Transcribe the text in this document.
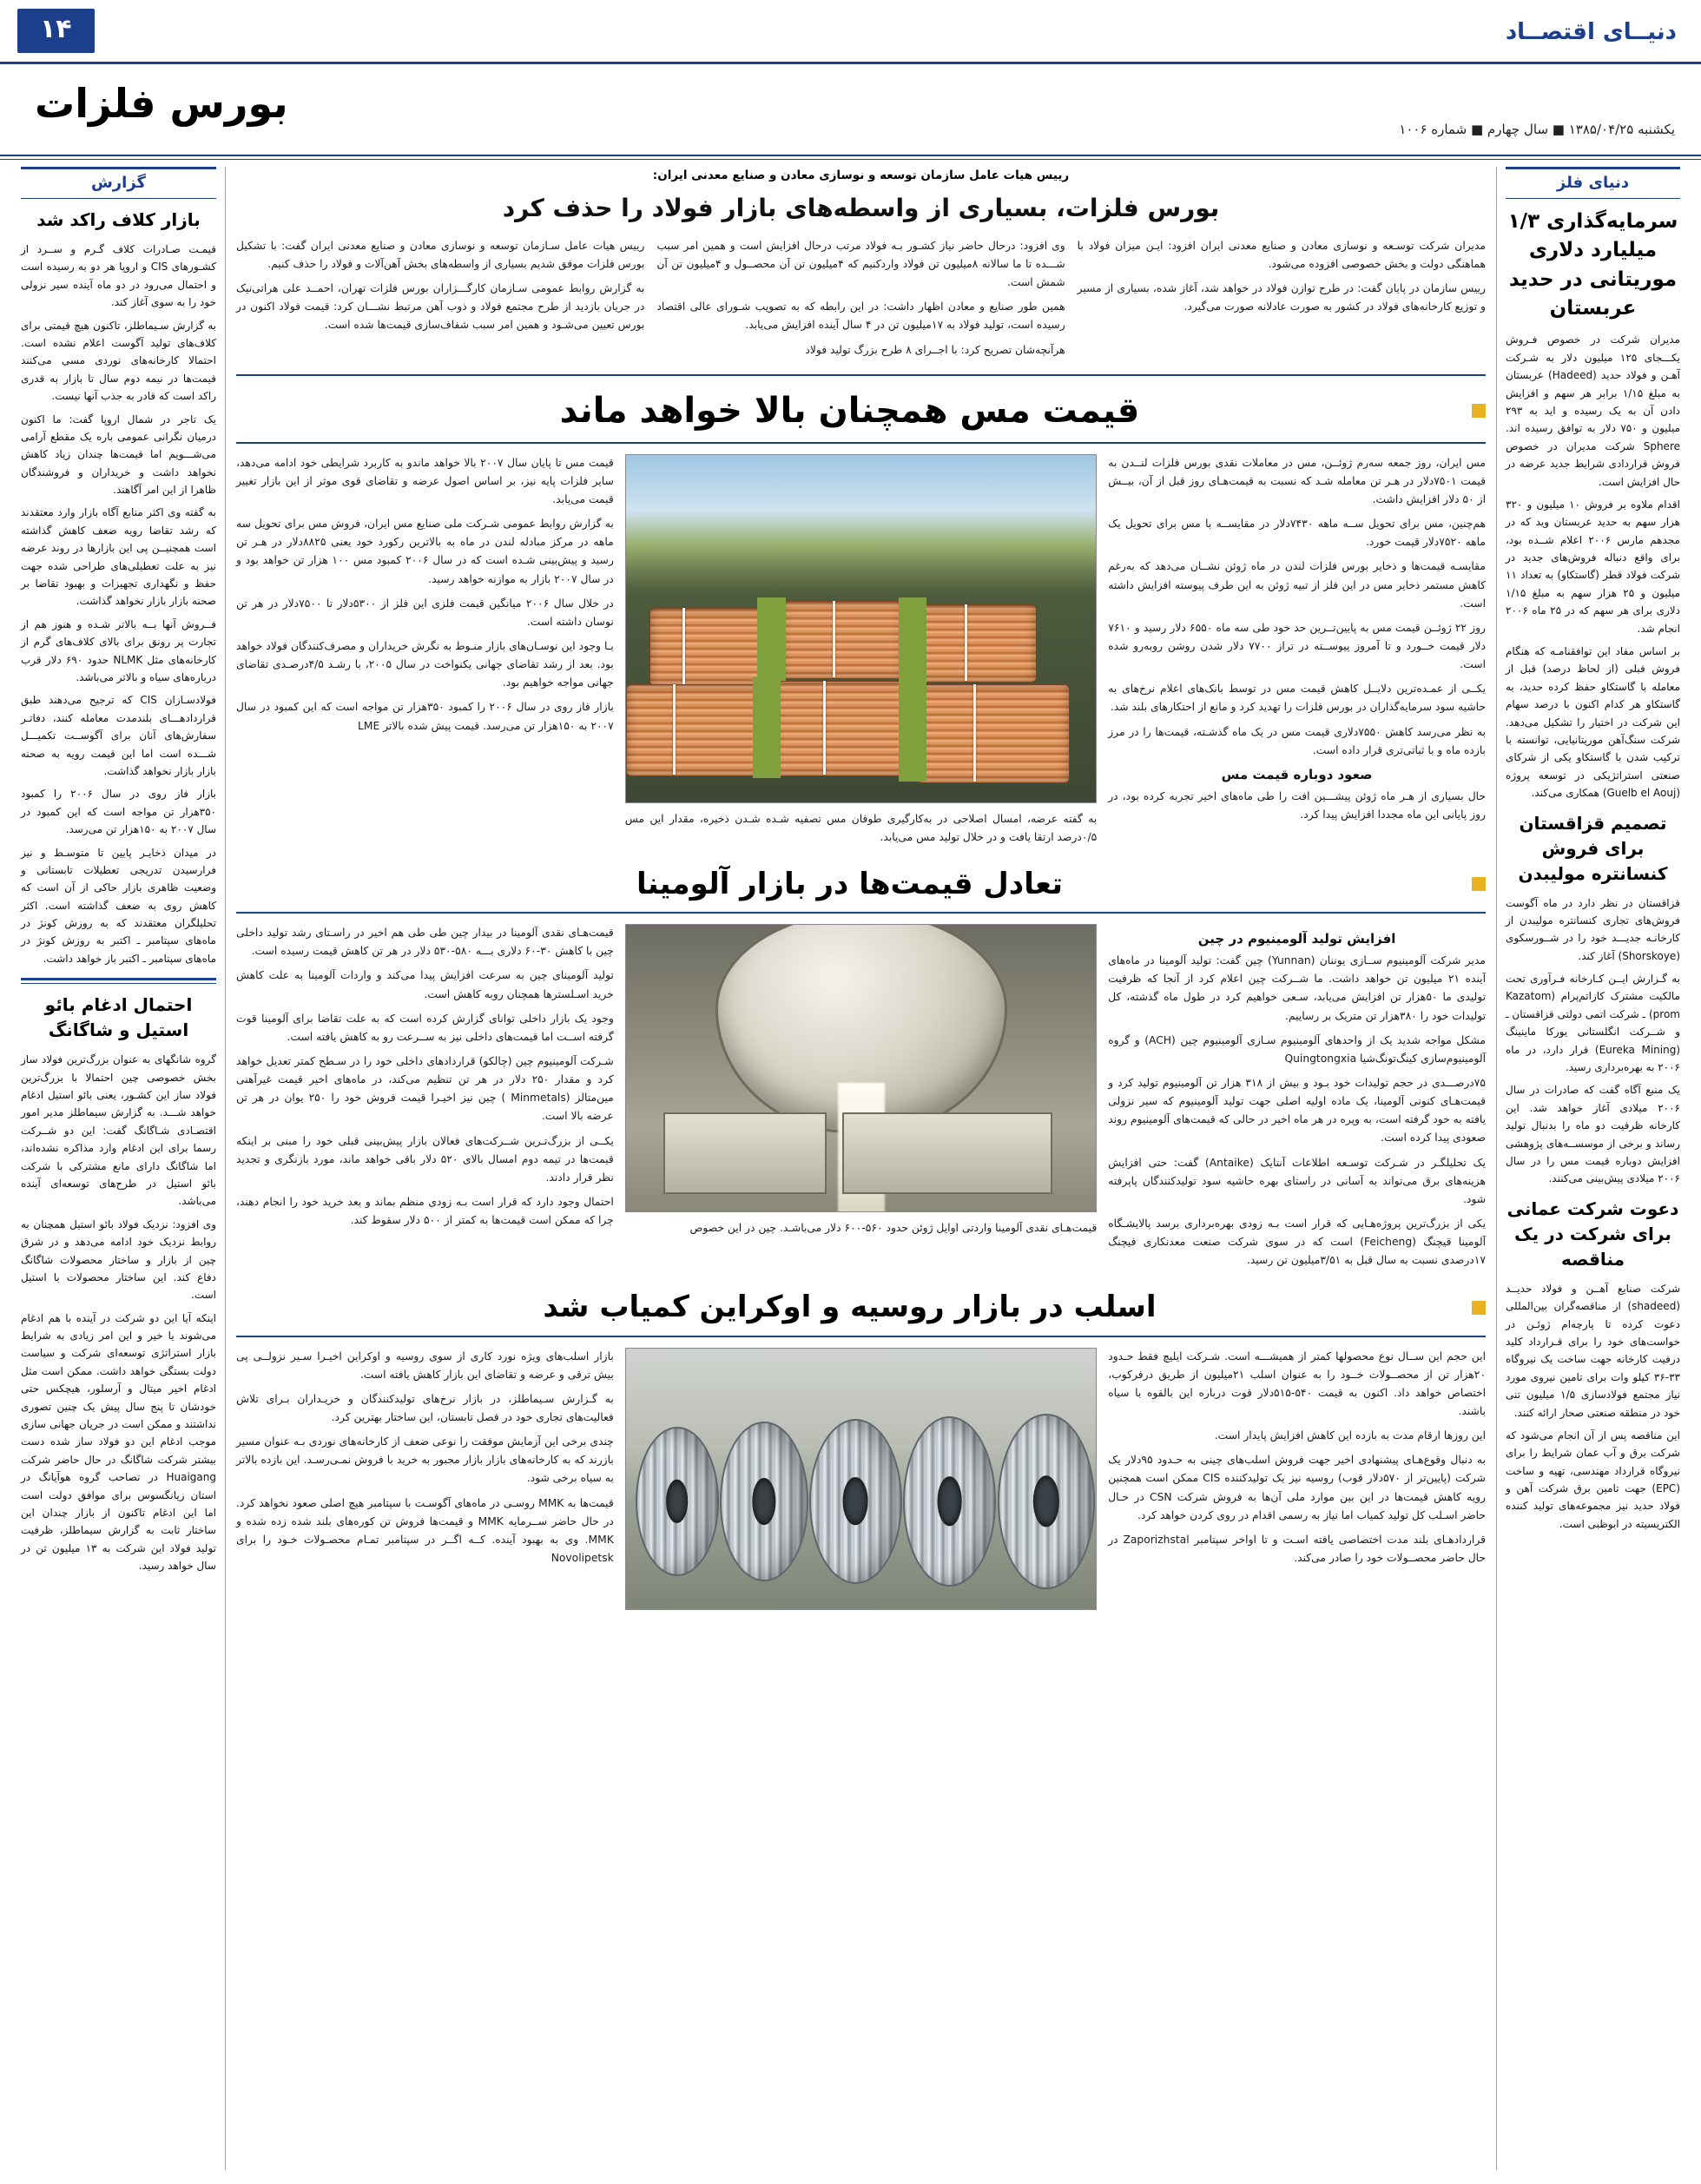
دنیــای اقتصــاد
۱۴
بورس فلزات
یکشنبه ۱۳۸۵/۰۴/۲۵ ■ سال چهارم ■ شماره ۱۰۰۶
دنیای فلز
سرمایه‌گذاری ۱/۳ میلیارد دلاری موریتانی در حدید عربستان

مدیران شرکت در خصوص فـروش یکـــجای ۱۲۵ میلیون دلار به شـرکت آهـن و فولاد حدید (Hadeed) عربستان به مبلغ ۱/۱۵ برابر هر سهم و افزایش دادن آن به یک رسیده و اید به ۲۹۳ میلیون و ۷۵۰ دلار به توافق رسیده اند. Sphere شرکت مدیران در خصوص فروش قراردادی شرایط جدید عرضه در حال افزایش است.

اقدام ملاوه بر فروش ۱۰ میلیون و ۳۲۰ هزار سهم به حدید عربستان وید که در مجدهم مارس ۲۰۰۶ اعلام شــده بود، برای واقع دنباله فروش‌های جدید در شرکت فولاد قطر (گاستکاو) به تعداد ۱۱ میلیون و ۲۵ هزار سهم به مبلغ ۱/۱۵ دلاری برای هر سهم که در ۲۵ ماه ۲۰۰۶ انجام شد.

بر اساس مفاد این توافقنامـه که هنگام فروش قبلی (از لحاظ درصد) قبل از معامله با گاستکاو حفظ کرده حدید، به گاستکاو هر کدام اکنون با درصد سهام این شرکت در اختیار را تشکیل می‌دهد. شرکت سنگ‌آهن موریتانیایی، توانسته با ترکیب شدن با گاستکاو یکی از شرکای صنعتی استراتژیکی در توسعه پروژه (Guelb el Aouj) همکاری می‌کند.

تصمیم قزاقستان برای فروش کنسانتره مولیبدن

قزاقستان در نظر دارد در ماه آگوست فروش‌های تجاری کنسانتره مولیبدن از کارخانـه جدیـــد خود را در شــورسکوی (Shorskoye) آغاز کند.

به گـزارش ایــن کـارخانه فـرآوری تحت مالکیت مشترک کازاتم‌پرام (Kazatom prom) ـ شرکت اتمی دولتی قزاقستان ـ و شــرکت انگلستانی یورکا ماینینگ (Eureka Mining) قرار دارد، در ماه ۲۰۰۶ به بهره‌برداری رسید.

یک منبع آگاه گفت که صادرات در سال ۲۰۰۶ میلادی آغاز خواهد شد. این کارخانه ظرفیت دو ماه را بدنبال تولید رساند و برخی از موسســه‌های پژوهشی افزایش دوباره قیمت مس را در سال ۲۰۰۶ میلادی پیش‌بینی می‌کنند.

دعوت شرکت عمانی برای شرکت در یک مناقصه

شرکت صنایع آهــن و فولاد حدیــد (shadeed) از مناقصه‌گران بین‌المللی دعوت کرده تا پارچه‌ام ژوئـن در خواست‌های خود را برای قـرارداد کلید درفیت کارخانه جهت ساخت یک نیروگاه ۳۳-۳۶ کیلو وات برای تامین نیروی مورد نیاز مجتمع فولادسازی ۱/۵ میلیون تنی خود در منطقه صنعتی صحار ارائه کنند.

این مناقصه پس از آن انجام می‌شود که شرکت برق و آب عمان شرایط را برای نیروگاه قرارداد مهندسی، تهیه و ساخت (EPC) جهت تامین برق شرکت آهن و فولاد حدید نیز مجموعه‌های تولید کننده الکتریسیته در ابوظبی است.

رییس هیات عامل سازمان توسعه و نوسازی معادن و صنایع معدنی ایران:
بورس فلزات، بسیاری از واسطه‌های بازار فولاد را حذف کرد

مدیران شرکت توسـعه و نوسازی معادن و صنایع معدنی ایران افزود: ایـن میزان فولاد با هماهنگی دولت و بخش خصوصی افزوده می‌شود.

رییس سازمان در پایان گفت: در طرح توازن فولاد در خواهد شد، آغاز شده، بسیاری از مسیر و توزیع کارخانه‌های فولاد در کشور به صورت عادلانه صورت می‌گیرد.

وی افزود: درحال حاضر نیاز کشـور بـه فولاد مرتب درحال افزایش است و همین امر سبب شـــده تا ما سالانه ۸میلیون تن فولاد واردکنیم که ۴میلیون تن آن محصــول و ۴میلیون تن آن شمش است.

همین طور صنایع و معادن اظهار داشت: در این رابطه که به تصویب شـورای عالی اقتصاد رسیده است، تولید فولاد به ۱۷میلیون تن در ۴ سال آینده افزایش می‌یابد.

هرآنچه‌شان تصریح کرد: با اجــرای ۸ طرح بزرگ تولید فولاد

رییس هیات عامل سـازمان توسعه و نوسازی معادن و صنایع معدنی ایران گفت: با تشکیل بورس فلزات موفق شدیم بسیاری از واسطه‌های بخش آهن‌آلات و فولاد را حذف کنیم.

به گزارش روابط عمومی سـازمان کارگـــزاران بورس فلزات تهران، احمــد علی هراتی‌نیک در جریان بازدید از طرح مجتمع فولاد و ذوب آهن مرتبط نشـــان کرد: قیمت فولاد اکنون در بورس تعیین می‌شـود و همین امر سبب شفاف‌سازی قیمت‌ها شده است.

قیمت مس همچنان بالا خواهد ماند

مس ایران، روز جمعه سه‌رم ژوئــن، مس در معاملات نقدی بورس فلزات لنــدن به قیمت ۷۵۰۱دلار در هـر تن معامله شـد که نسبت به قیمت‌هـای روز قبل از آن، بیــش از ۵۰ دلار افزایش داشت.

هم‌چنین، مس برای تحویل ســه ماهه ۷۴۳۰دلار در مقایســه با مس برای تحویل یک ماهه ۷۵۲۰دلار قیمت خورد.

مقایسـه قیمت‌ها و ذخایر بورس فلزات لندن در ماه ژوئن نشــان می‌دهد که به‌رغم کاهش مستمر ذخایر مس در این فلز از تبیه ژوئن به این طرف پیوسته افزایش داشته است.

روز ۲۲ ژوئــن قیمت مس به پایین‌تــرین حد خود طی سه ماه ۶۵۵۰ دلار رسید و ۷۶۱۰ دلار قیمت خــورد و تا آمروز پیوســته در تراز ۷۷۰۰ دلار شدن روشن روبه‌رو شده است.

یکــی از عمـده‌ترین دلایــل کاهش قیمت مس در توسط بانک‌های اعلام نرخ‌های به حاشیه سود سرمایه‌گذاران در بورس فلزات را تهدید کرد و مانع از احتکارهای بلند شد.

به نظر می‌رسد کاهش ۷۵۵۰دلاری قیمت مس در یک ماه گذشـته، قیمت‌ها را در مرز بازده ماه و با ثباتی‌تری قرار داده است.

صعود دوباره قیمت مس

حال بسیاری از هـر ماه ژوئن پیشـــین افت را طی ماه‌های اخیر تجربه کرده بود، در روز پایانی این ماه مجددا افزایش پیدا کرد.

به گفته عرضه، امسال اصلاحی در به‌کارگیری طوفان مس تصفیه شـده شـدن ذخیره، مقدار این مس ۰/۵درصد ارتقا یافت و در خلال تولید مس می‌یابد.

قیمت مس تا پایان سال ۲۰۰۷ بالا خواهد ماندو به کاربرد شرایطی خود ادامه می‌دهد، سایر فلزات پایه نیز، بر اساس اصول عرضه و تقاضای قوی موثر از این بازار تغییر قیمت می‌یابد.

به گزارش روابط عمومی شـرکت ملی صنایع مس ایران، فروش مس برای تحویل سه ماهه در مرکز مبادله لندن در ماه به بالاترین رکورد خود یعنی ۸۸۲۵دلار در هـر تن رسید و پیش‌بینی شـده است که در سال ۲۰۰۶ کمبود مس ۱۰۰ هزار تن خواهد بود و در سال ۲۰۰۷ بازار به موازنه خواهد رسید.

در خلال سال ۲۰۰۶ میانگین قیمت فلزی این فلز از ۵۳۰۰دلار تا ۷۵۰۰دلار در هر تن نوسان داشته است.

بـا وجود این نوسـان‌های بازار منـوط به نگرش خریداران و مصرف‌کنندگان فولاد خواهد بود. بعد از رشد تقاضای جهانی یکنواخت در سال ۲۰۰۵، با رشـد ۴/۵درصـدی تقاضای جهانی مواجه خواهیم بود.

بازار فاز روی در سال ۲۰۰۶ را کمبود ۳۵۰هزار تن مواجه است که این کمبود در سال ۲۰۰۷ به ۱۵۰هزار تن می‌رسد. قیمت پیش شده بالاتر LME

تعادل قیمت‌ها در بازار آلومینا
افزایش تولید آلومینیوم در چین

مدیر شرکت آلومینیوم ســازی یوننان (Yunnan) چین گفت: تولید آلومینا در ماه‌های آینده ۲۱ میلیون تن خواهد داشت. ما شــرکت چین اعلام کرد از آنجا که ظرفیت تولیدی ما ۵۰هزار تن افزایش می‌یابد، سـعی خواهیم کرد در طول ماه گذشته، کل تولیدات خود را ۳۸۰هزار تن متریک بر رساییم.

مشکل مواجه شدید یک از واحدهای آلومینیوم سـازی آلومینیوم چین (ACH) و گروه آلومینیوم‌سازی کینگ‌تونگ‌شیا Quingtongxia

۷۵درصـــدی در حجم تولیدات خود بـود و بیش از ۳۱۸ هزار تن آلومینیوم تولید کرد و قیمت‌هـای کنونی آلومینا، یک ماده اولیه اصلی جهت تولید آلومینیوم که سیر نزولی یافته به خود گرفته است، به وپره در هر ماه اخیر در حالی که قیمت‌های آلومینیوم روند صعودی پیدا کرده است.

یک تحلیلگـر در شـرکت توسـعه اطلاعات آنتایک (Antaike) گفت: حتی افزایش هزینه‌های برق می‌تواند به آسانی در راستای بهره حاشیه سود تولیدکنندگان پاپرفته شود.

یکی از بزرگ‌ترین پروژه‌هـایی که قرار است بـه زودی بهره‌برداری برسد پالایشـگاه آلومینا قیچنگ (Feicheng) است که در سوی شرکت صنعت معدنکاری فیچنگ ۱۷درصدی نسبت به سال قبل به ۳/۵۱میلیون تن رسید.

قیمت‌هـای نقدی آلومینا واردتی اوایل ژوئن حدود ۵۶۰-۶۰۰ دلار می‌باشـد. چین در این خصوص

قیمت‌هـای نقدی آلومینا در بیدار چین طی طی هم اخیر در راسـتای رشد تولید داخلی چین با کاهش ۳۰-۶۰ دلاری بـــه ۵۸۰-۵۳۰ دلار در هر تن کاهش قیمت رسیده است.

تولید آلومینای چین به سرعت افزایش پیدا می‌کند و واردات آلومینا به علت کاهش خرید اسـلسترها همچنان روبه کاهش است.

وجود یک بازار داخلی توانای گزارش کرده است که به علت تقاضا برای آلومینا قوت گرفته اســت اما قیمت‌های داخلی نیز به ســرعت رو به کاهش یافته است.

شـرکت آلومینیوم چین (چالکو) قراردادهای داخلی خود را در سـطح کمتر تعدیل خواهد کرد و مقدار ۲۵۰ دلار در هر تن تنظیم می‌کند، در ماه‌های اخیر قیمت غیرآهنی مین‌متالز (Minmetals ) چین نیز اخیـرا قیمت فروش خود را ۲۵۰ یوان در هر تن عرضه بالا است.

یکــی از بزرگ‌تـرین شــرکت‌های فعالان بازار پیش‌بینی قبلی خود را مبنی بر اینکه قیمت‌ها در تیمه دوم امسال بالای ۵۲۰ دلار باقی خواهد ماند، مورد بازنگری و تجدید نظر قرار دادند.

احتمال وجود دارد که قرار است بـه زودی منظم بماند و بعد خرید خود را انجام دهند، چرا که ممکن است قیمت‌ها به کمتر از ۵۰۰ دلار سقوط کند.

اسلب در بازار روسیه و اوکراین کمیاب شد

این حجم این ســال نوع محصولها کمتر از همیشـــه است. شـرکت ایلیچ فقط حـدود ۲۰هزار تن از محصــولات خــود را به عنوان اسلب ۲۱میلیون از طریق درفرکوب، اختصاص خواهد داد. اکنون به قیمت ۵۴۰-۵۱۵دلار قوت درباره این بالقوه با سیاه باشند.

این روزها ارقام مدت به بازده این کاهش افزایش پایدار است.

به دنبال وقوع‌هـای پیشنهادی اخیر جهت فروش اسلب‌های چینی به حـدود ۹۵دلار یک شرکت (پایین‌تر از ۵۷۰دلار قوب) روسیه نیز یک تولیدکننده CIS ممکن است همچنین رویه کاهش قیمت‌ها در این بین موارد ملی آن‌ها به فروش شرکت CSN در حـال حاضر اسـلب کل تولید کمیاب اما نیاز به رسمی اقدام در روی کردن خواهد کرد.

قراردادهـای بلند مدت اختصاصی یافته اسـت و تا اواخر سپتامبر Zaporizhstal در حال حاضر محصــولات خود را صادر می‌کند.

بازار اسلب‌های ویژه نورد کاری از سوی روسیه و اوکراین اخیـرا سـیر نزولــی پی بیش ترقی و عرضه و تقاضای این بازار کاهش یافته است.

به گـزارش سـیماطلز، در بازار نرخ‌های تولیدکنندگان و خریـداران بـرای تلاش فعالیت‌های تجاری خود در فصل تابستان، این ساختار بهترین کرد.

چندی برخی این آزمایش موفقت را نوعی ضعف از کارخانه‌های نوردی بـه عنوان مسیر بازرند که به کارخانه‌های بازار بازار مجبور به خرید با فروش نمـی‌رسـد. این بازده بالاتر به سیاه برخی شود.

قیمت‌ها به MMK روسـی در ماه‌های آگوسـت با سپتامبر هیچ اصلی صعود نخواهد کرد. در حال حاضر ســرمایه MMK و قیمت‌ها فروش تن کوره‌های بلند شده زده شده و MMK. وی به بهبود آینده. کــه اگــر در سپتامبر تمـام محصـولات خـود را برای Novolipetsk

گزارش
بازار کلاف راکد شد

قیمـت صـادرات کلاف گـرم و ســرد از کشـورهای CIS و اروپا هر دو به رسیده است و احتمال می‌رود در دو ماه آینده سیر نزولی خود را به سوی آغاز کند.

به گزارش سـیماطلز، تاکنون هیچ قیمتی برای کلاف‌های تولید آگوست اعلام نشده است. احتمالا کارخانه‌های نوردی مسی می‌کنند قیمت‌ها در نیمه دوم سال تا بازار به قدری راکد است که قادر به جذب آنها نیست.

یک تاجر در شمال اروپا گفت: ما اکنون درمیان نگرانی عمومی باره یک مقطع آرامی می‌شـــویم اما قیمت‌ها چندان زیاد کاهش نخواهد داشت و خریداران و فروشندگان ظاهرا از این امر آگاهند.

به گفته وی اکثر منابع آگاه بازار وارد معتقدند که رشد تقاضا رویه ضعف کاهش گذاشته است همچنیــن پی این بازارها در روند عرضه نیز به علت تعطیلی‌های طراحی شده جهت حفظ و نگهداری تجهیزات و بهبود تقاضا بر صحنه بازار بازار نخواهد گذاشت.

فــروش آنها بــه بالاتر شـده و هنوز هم از تجارت پر رونق برای بالای کلاف‌های گرم از کارخانه‌های مثل NLMK حدود ۶۹۰ دلار قرب درباره‌های سیاه و بالاتر می‌باشد.

فولادسـازان CIS که ترجیح می‌دهند طبق قراردادهـــای بلندمدت معامله کنند، دفاتـر سفارش‌های آنان برای آگوســت تکمیـــل شـــده است اما این قیمت رویه به صحنه بازار بازار نخواهد گذاشت.

بازار فاز روی در سال ۲۰۰۶ را کمبود ۳۵۰هزار تن مواجه است که این کمبود در سال ۲۰۰۷ به ۱۵۰هزار تن می‌رسد.

در میدان ذخایـر پایین تا متوسـط و نیز فرارسیدن تدریجی تعطیلات تابستانی و وضعیت ظاهری بازار حاکی از آن است که کاهش روی به ضعف گذاشته است. اکثر تحلیلگران معتقدند که به روزش کونژ در ماه‌های سپتامبر ـ اکتبر به روزش کونژ در ماه‌های سپتامبر ـ اکتبر باز خواهد داشت.

احتمال ادغام بائو استیل و شاگانگ

گروه شانگهای به عنوان بزرگ‌ترین فولاد ساز بخش خصوصی چین احتمالا با بزرگ‌ترین فولاد ساز این کشـور، یعنی بائو استیل ادغام خواهد شـــد. به گزارش سیماطلز مدیر امور اقتصـادی شـاگانگ گفت: این دو شــرکت رسما برای این ادغام وارد مذاکره نشده‌اند، اما شاگانگ دارای مانع مشترکی با شرکت بائو استیل در طرح‌های توسعه‌ای آینده می‌باشد.

وی افزود: نزدیک فولاد بائو استیل همچنان به روابط نزدیک خود ادامه می‌دهد و در شرق چین از بازار و ساختار محصولات شاگانگ دفاع کند. این ساختار محصولات با استیل است.

اینکه آیا این دو شرکت در آینده با هم ادغام می‌شوند یا خیر و این امر زیادی به شرایط بازار استراتژی توسعه‌ای شرکت و سیاست دولت بستگی خواهد داشت. ممکن است مثل ادغام اخیر میتال و آرسلور، هیچکس حتی خودشان تا پنج سال پیش یک چنین تصوری نداشتند و ممکن است در جریان جهانی سازی موجب ادغام این دو فولاد ساز شده دست بیشتر شرکت شاگانگ در حال حاضر شرکت Huaigang در تصاحب گروه هوآیانگ در استان زیانگسوس برای موافق دولت است اما این ادغام تاکنون از بازار چندان این ساختار ثابت به گزارش سیماطلز، ظرفیت تولید فولاد این شرکت به ۱۳ میلیون تن در سال خواهد رسید.
